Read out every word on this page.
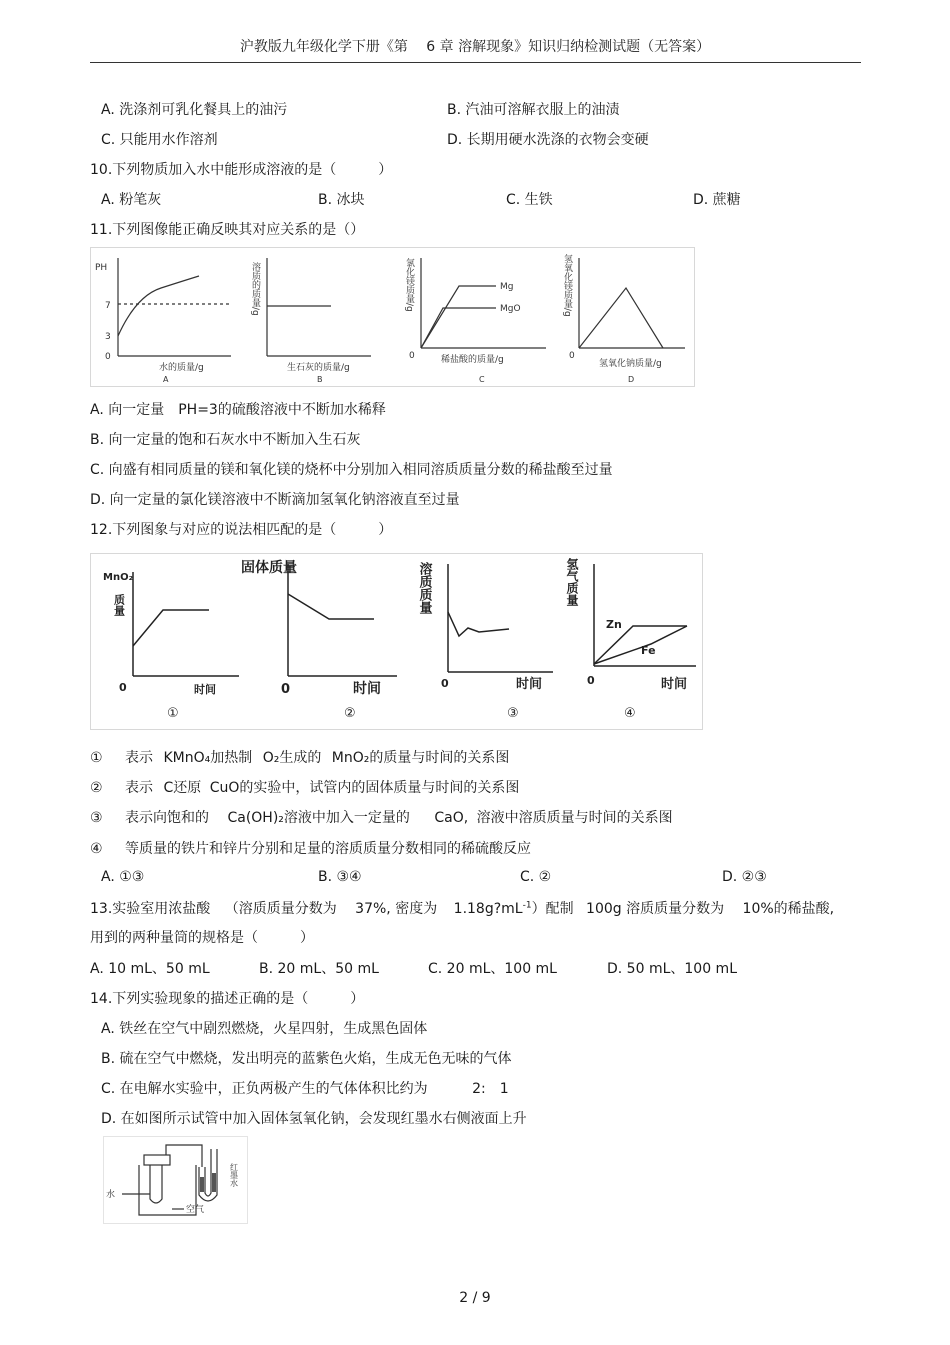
沪教版九年级化学下册《第　 6 章 溶解现象》知识归纳检测试题（无答案）
A. 洗涤剂可乳化餐具上的油污	B. 汽油可溶解衣服上的油渍
C. 只能用水作溶剂	D. 长期用硬水洗涤的衣物会变硬
10.下列物质加入水中能形成溶液的是（　　　）
A. 粉笔灰	B. 冰块	C. 生铁	D. 蔗糖
11.下列图像能正确反映其对应关系的是（）
PH
7
3
0
水的质量/g
A
溶质的质量/g
生石灰的质量/g
B
氯化镁质量/g	Mg
MgO
0	稀盐酸的质量/g
C
氢氧化镁质量/g
0
氢氧化钠质量/g
D
A. 向一定量　PH=3的硫酸溶液中不断加水稀释
B. 向一定量的饱和石灰水中不断加入生石灰
C. 向盛有相同质量的镁和氧化镁的烧杯中分别加入相同溶质质量分数的稀盐酸至过量
D. 向一定量的氯化镁溶液中不断滴加氢氧化钠溶液直至过量
12.下列图象与对应的说法相匹配的是（　　　）
MnO₂
质量
0	时间
①
固体质量
0	时间
②
溶质质量
0	时间
③
氢气质量
Zn
Fe
0	时间
④
① 表示 KMnO₄加热制 O₂生成的 MnO₂的质量与时间的关系图
② 表示 C还原 CuO的实验中，试管内的固体质量与时间的关系图
③ 表示向饱和的 Ca(OH)₂溶液中加入一定量的 CaO, 溶液中溶质质量与时间的关系图
④ 等质量的铁片和锌片分别和足量的溶质质量分数相同的稀硫酸反应
A. ①③	B. ③④	C. ②	D. ②③
13.实验室用浓盐酸 （溶质质量分数为 37%, 密度为 $1.18g?mL^{-1}$）配制 100g 溶质质量分数为 10%的稀盐酸,
用到的两种量筒的规格是（　　　）
A. 10 mL、50 mL	B. 20 mL、50 mL	C. 20 mL、100 mL	D. 50 mL、100 mL
14.下列实验现象的描述正确的是（　　　）
A. 铁丝在空气中剧烈燃烧，火星四射，生成黑色固体
B. 硫在空气中燃烧，发出明亮的蓝紫色火焰，生成无色无味的气体
C. 在电解水实验中，正负两极产生的气体体积比约为	2:　1
D. 在如图所示试管中加入固体氢氧化钠，会发现红墨水右侧液面上升
水
空气
红墨水
2 / 9
